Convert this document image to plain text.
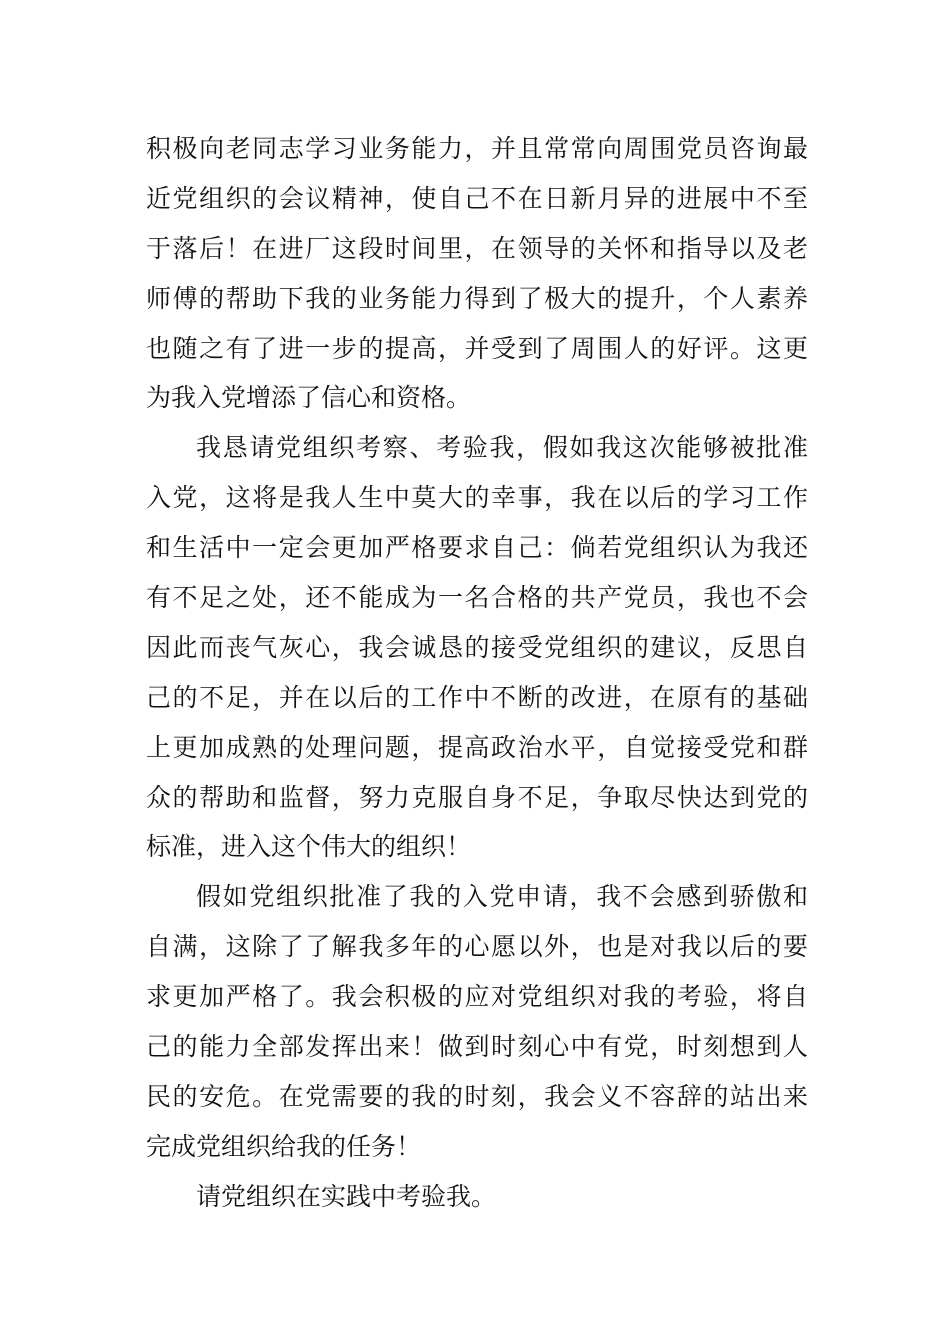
积极向老同志学习业务能力，并且常常向周围党员咨询最
近党组织的会议精神，使自己不在日新月异的进展中不至
于落后！在进厂这段时间里，在领导的关怀和指导以及老
师傅的帮助下我的业务能力得到了极大的提升，个人素养
也随之有了进一步的提高，并受到了周围人的好评。这更
为我入党增添了信心和资格。
我恳请党组织考察、考验我，假如我这次能够被批准
入党，这将是我人生中莫大的幸事，我在以后的学习工作
和生活中一定会更加严格要求自己：倘若党组织认为我还
有不足之处，还不能成为一名合格的共产党员，我也不会
因此而丧气灰心，我会诚恳的接受党组织的建议，反思自
己的不足，并在以后的工作中不断的改进，在原有的基础
上更加成熟的处理问题，提高政治水平，自觉接受党和群
众的帮助和监督，努力克服自身不足，争取尽快达到党的
标准，进入这个伟大的组织！
假如党组织批准了我的入党申请，我不会感到骄傲和
自满，这除了了解我多年的心愿以外，也是对我以后的要
求更加严格了。我会积极的应对党组织对我的考验，将自
己的能力全部发挥出来！做到时刻心中有党，时刻想到人
民的安危。在党需要的我的时刻，我会义不容辞的站出来
完成党组织给我的任务！
请党组织在实践中考验我。
